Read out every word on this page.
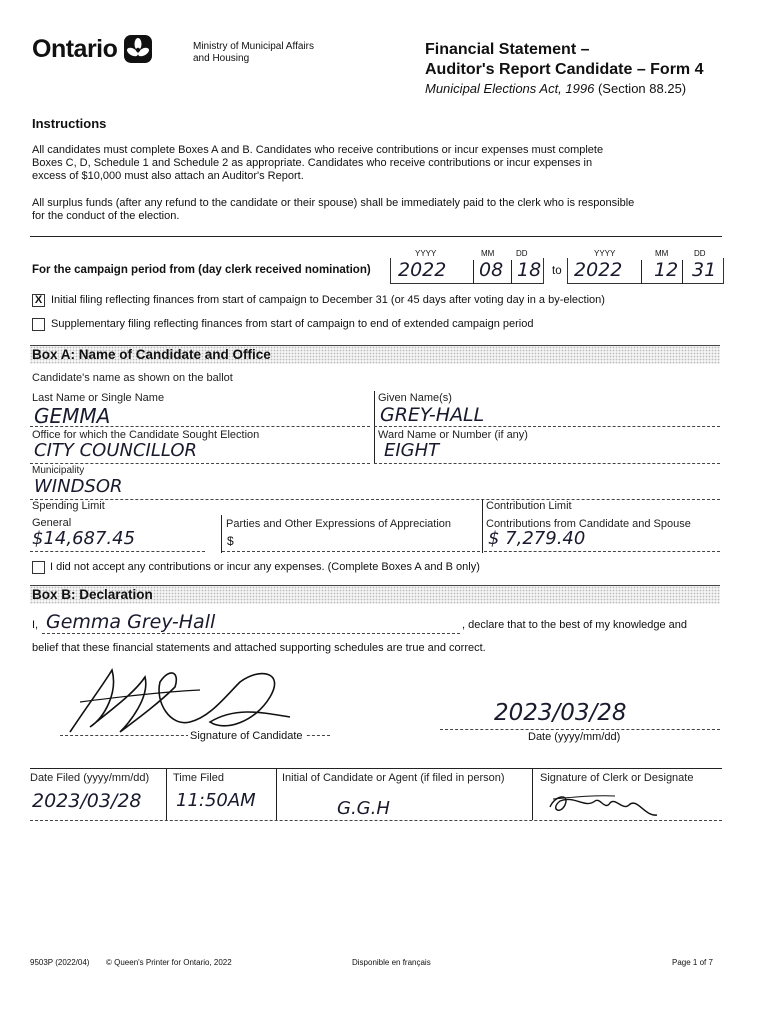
Ontario	Ministry of Municipal Affairs
and Housing
Financial Statement –
Auditor's Report Candidate – Form 4
Municipal Elections Act, 1996 (Section 88.25)
Instructions
All candidates must complete Boxes A and B. Candidates who receive contributions or incur expenses must complete
Boxes C, D, Schedule 1 and Schedule 2 as appropriate. Candidates who receive contributions or incur expenses in
excess of $10,000 must also attach an Auditor's Report.
All surplus funds (after any refund to the candidate or their spouse) shall be immediately paid to the clerk who is responsible
for the conduct of the election.
YYYY	MM	DD	YYYY	MM	DD
For the campaign period from (day clerk received nomination) 2022 08 18 to 2022 12 31
X Initial filing reflecting finances from start of campaign to December 31 (or 45 days after voting day in a by-election)
Supplementary filing reflecting finances from start of campaign to end of extended campaign period
Box A: Name of Candidate and Office
Candidate's name as shown on the ballot
Last Name or Single Name
GEMMA
Given Name(s)
GREY-HALL
Office for which the Candidate Sought Election
CITY COUNCILLOR
Ward Name or Number (if any)
EIGHT
Municipality
WINDSOR
Spending Limit	Contribution Limit
General
$14,687.45
Parties and Other Expressions of Appreciation
$
Contributions from Candidate and Spouse
$ 7,279.40
I did not accept any contributions or incur any expenses. (Complete Boxes A and B only)
Box B: Declaration
I, Gemma Grey-Hall	, declare that to the best of my knowledge and
belief that these financial statements and attached supporting schedules are true and correct.
Signature of Candidate
2023/03/28
Date (yyyy/mm/dd)
Date Filed (yyyy/mm/dd)
2023/03/28
Time Filed
11:50AM
Initial of Candidate or Agent (if filed in person)
G.G.H
Signature of Clerk or Designate
9503P (2022/04) © Queen's Printer for Ontario, 2022	Disponible en français	Page 1 of 7
